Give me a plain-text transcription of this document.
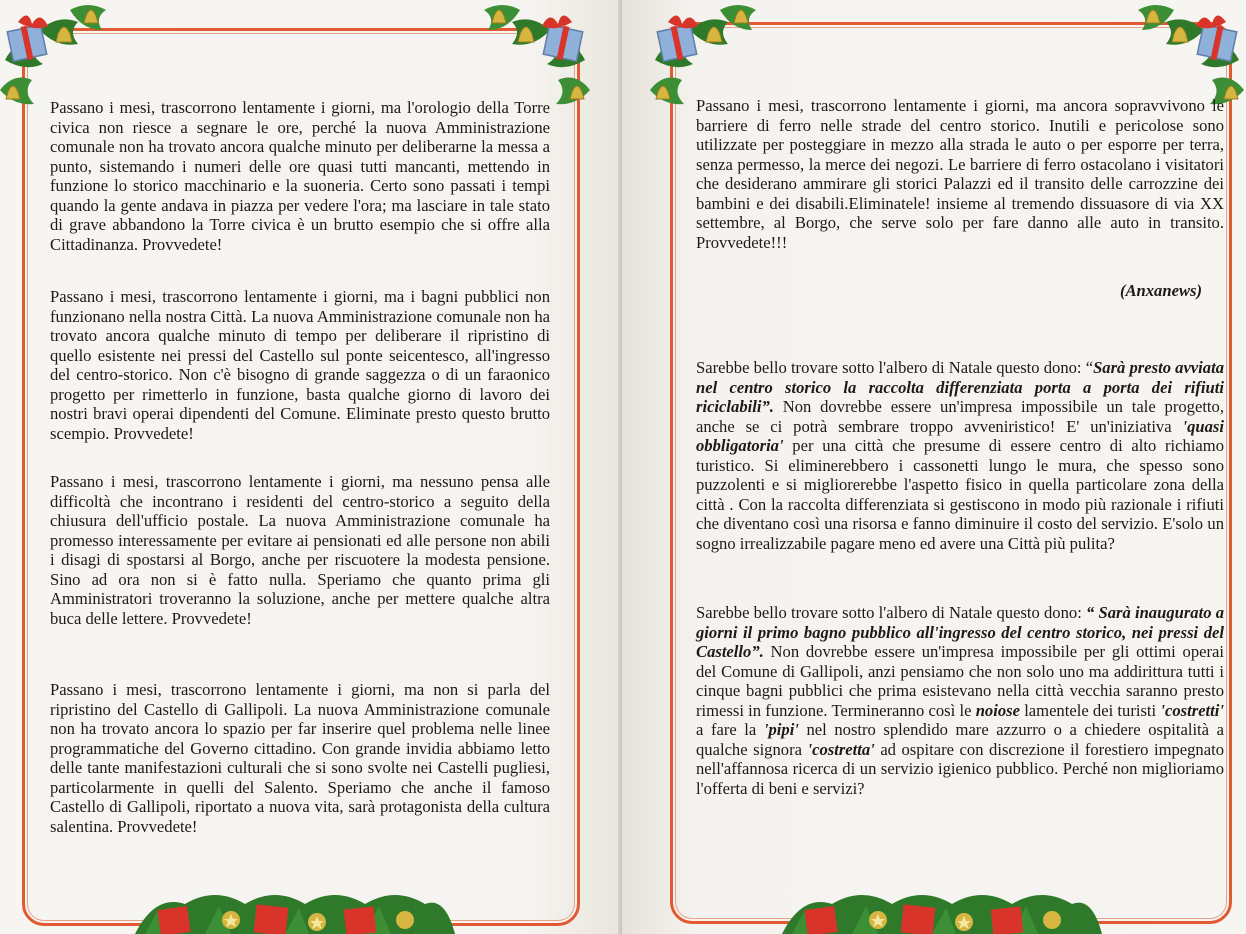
Passano i mesi, trascorrono lentamente i giorni, ma l'orologio della Torre civica non riesce a segnare le ore, perché la nuova Amministrazione comunale non ha trovato ancora qualche minuto per deliberarne la messa a punto, sistemando i numeri delle ore quasi tutti mancanti, mettendo in funzione lo storico macchinario e la suoneria. Certo sono passati i tempi quando la gente andava in piazza per vedere l'ora; ma lasciare in tale stato di grave abbandono la Torre civica è un brutto esempio che si offre alla Cittadinanza. Provvedete!

Passano i mesi, trascorrono lentamente i giorni, ma i bagni pubblici non funzionano nella nostra Città. La nuova Amministrazione comunale non ha trovato ancora qualche minuto di tempo per deliberare il ripristino di quello esistente nei pressi del Castello sul ponte seicentesco, all'ingresso del centro-storico. Non c'è bisogno di grande saggezza o di un faraonico progetto per rimetterlo in funzione, basta qualche giorno di lavoro dei nostri bravi operai dipendenti del Comune. Eliminate presto questo brutto scempio. Provvedete!

Passano i mesi, trascorrono lentamente i giorni, ma nessuno pensa alle difficoltà che incontrano i residenti del centro-storico a seguito della chiusura dell'ufficio postale. La nuova Amministrazione comunale ha promesso interessamente per evitare ai pensionati ed alle persone non abili i disagi di spostarsi al Borgo, anche per riscuotere la modesta pensione. Sino ad ora non si è fatto nulla. Speriamo che quanto prima gli Amministratori troveranno la soluzione, anche per mettere qualche altra buca delle lettere. Provvedete!

Passano i mesi, trascorrono lentamente i giorni, ma non si parla del ripristino del Castello di Gallipoli. La nuova Amministrazione comunale non ha trovato ancora lo spazio per far inserire quel problema nelle linee programmatiche del Governo cittadino. Con grande invidia abbiamo letto delle tante manifestazioni culturali che si sono svolte nei Castelli pugliesi, particolarmente in quelli del Salento. Speriamo che anche il famoso Castello di Gallipoli, riportato a nuova vita, sarà protagonista della cultura salentina. Provvedete!

Passano i mesi, trascorrono lentamente i giorni, ma ancora sopravvivono le barriere di ferro nelle strade del centro storico. Inutili e pericolose sono utilizzate per posteggiare in mezzo alla strada le auto o per esporre per terra, senza permesso, la merce dei negozi. Le barriere di ferro ostacolano i visitatori che desiderano ammirare gli storici Palazzi ed il transito delle carrozzine dei bambini e dei disabili.Eliminatele! insieme al tremendo dissuasore di via XX settembre, al Borgo, che serve solo per fare danno alle auto in transito. Provvedete!!!

(Anxanews)

Sarebbe bello trovare sotto l'albero di Natale questo dono: “Sarà presto avviata nel centro storico la raccolta differenziata porta a porta dei rifiuti riciclabili”. Non dovrebbe essere un'impresa impossibile un tale progetto, anche se ci potrà sembrare troppo avveniristico! E' un'iniziativa 'quasi obbligatoria' per una città che presume di essere centro di alto richiamo turistico. Si eliminerebbero i cassonetti lungo le mura, che spesso sono puzzolenti e si migliorerebbe l'aspetto fisico in quella particolare zona della città . Con la raccolta differenziata si gestiscono in modo più razionale i rifiuti che diventano così una risorsa e fanno diminuire il costo del servizio. E'solo un sogno irrealizzabile pagare meno ed avere una Città più pulita?

Sarebbe bello trovare sotto l'albero di Natale questo dono: “ Sarà inaugurato a giorni il primo bagno pubblico all'ingresso del centro storico, nei pressi del Castello”. Non dovrebbe essere un'impresa impossibile per gli ottimi operai del Comune di Gallipoli, anzi pensiamo che non solo uno ma addirittura tutti i cinque bagni pubblici che prima esistevano nella città vecchia saranno presto rimessi in funzione. Termineranno così le noiose lamentele dei turisti 'costretti' a fare la 'pipi' nel nostro splendido mare azzurro o a chiedere ospitalità a qualche signora 'costretta' ad ospitare con discrezione il forestiero impegnato nell'affannosa ricerca di un servizio igienico pubblico. Perché non miglioriamo l'offerta di beni e servizi?
